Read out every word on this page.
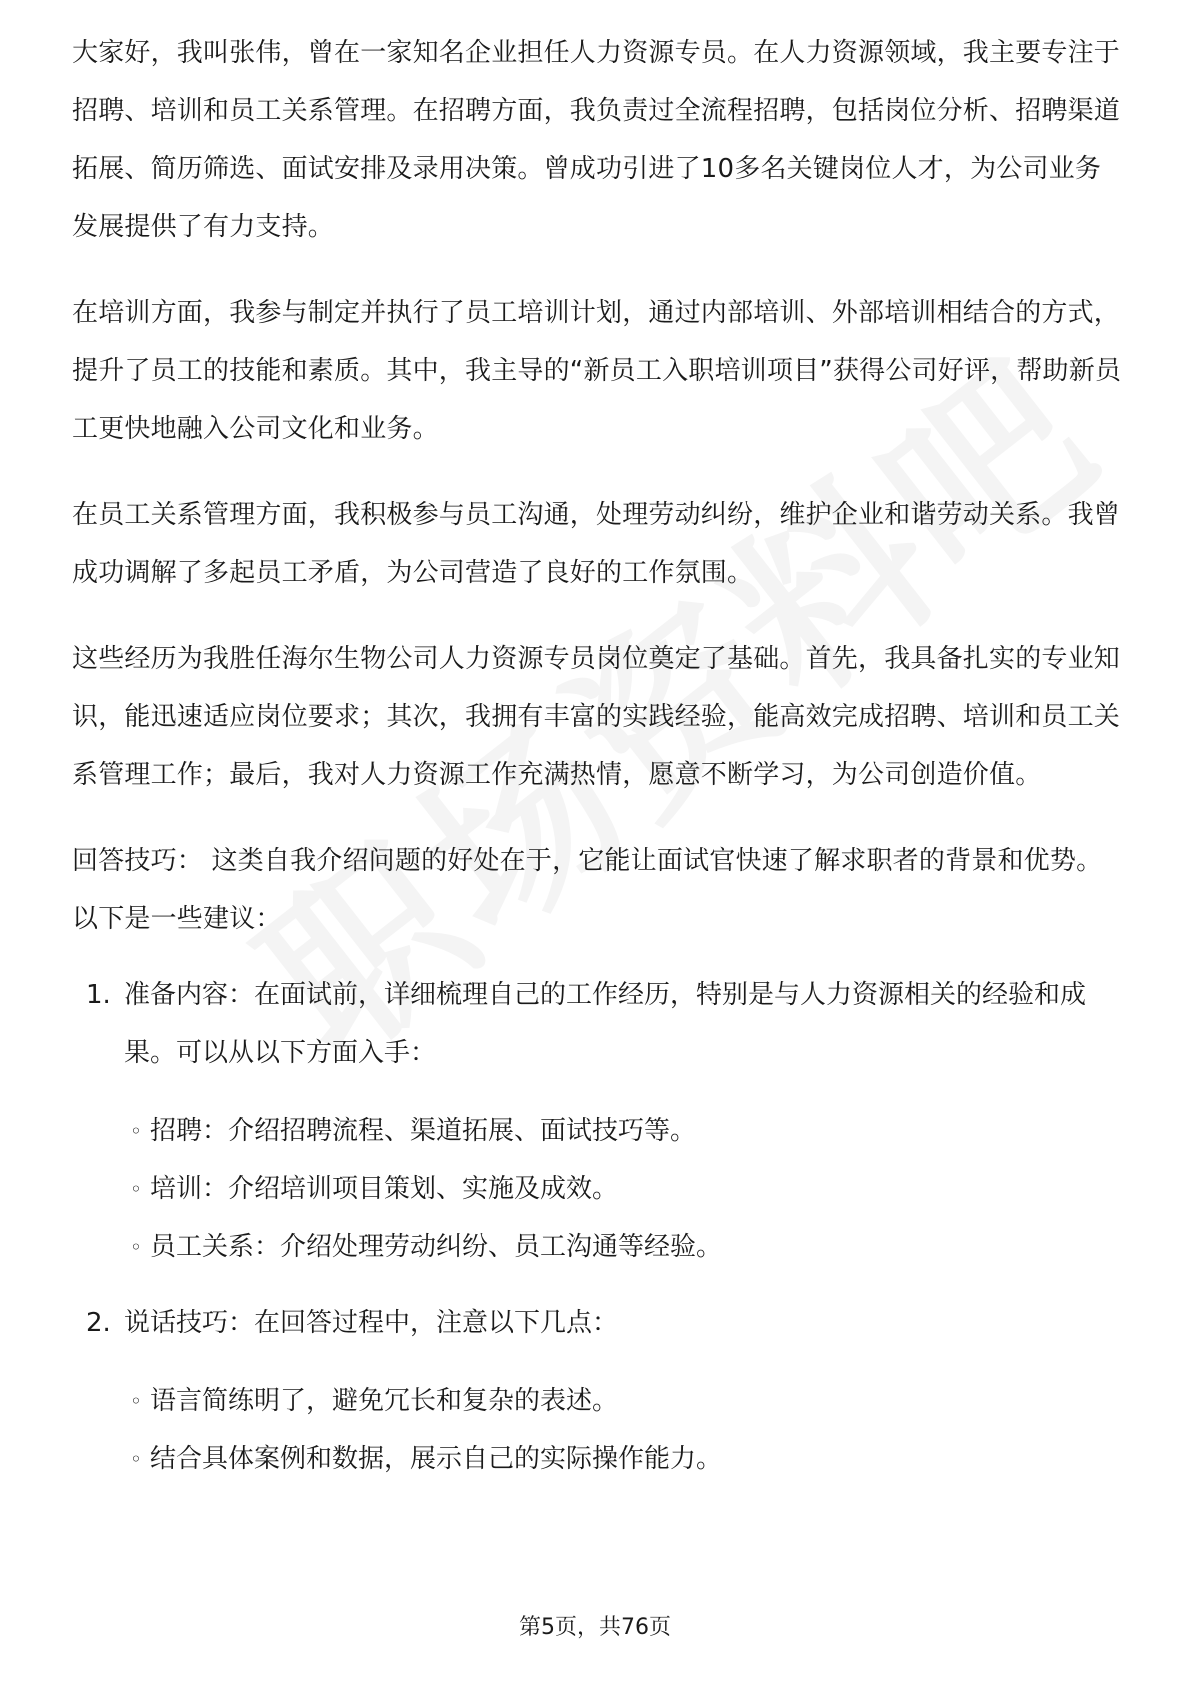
大家好，我叫张伟，曾在一家知名企业担任人力资源专员。在人力资源领域，我主要专注于招聘、培训和员工关系管理。在招聘方面，我负责过全流程招聘，包括岗位分析、招聘渠道拓展、简历筛选、面试安排及录用决策。曾成功引进了10多名关键岗位人才，为公司业务发展提供了有力支持。

在培训方面，我参与制定并执行了员工培训计划，通过内部培训、外部培训相结合的方式，提升了员工的技能和素质。其中，我主导的“新员工入职培训项目”获得公司好评，帮助新员工更快地融入公司文化和业务。

在员工关系管理方面，我积极参与员工沟通，处理劳动纠纷，维护企业和谐劳动关系。我曾成功调解了多起员工矛盾，为公司营造了良好的工作氛围。

这些经历为我胜任海尔生物公司人力资源专员岗位奠定了基础。首先，我具备扎实的专业知识，能迅速适应岗位要求；其次，我拥有丰富的实践经验，能高效完成招聘、培训和员工关系管理工作；最后，我对人力资源工作充满热情，愿意不断学习，为公司创造价值。

回答技巧： 这类自我介绍问题的好处在于，它能让面试官快速了解求职者的背景和优势。以下是一些建议：

1. 准备内容：在面试前，详细梳理自己的工作经历，特别是与人力资源相关的经验和成果。可以从以下方面入手：
◦ 招聘：介绍招聘流程、渠道拓展、面试技巧等。
◦ 培训：介绍培训项目策划、实施及成效。
◦ 员工关系：介绍处理劳动纠纷、员工沟通等经验。
2. 说话技巧：在回答过程中，注意以下几点：
◦ 语言简练明了，避免冗长和复杂的表述。
◦ 结合具体案例和数据，展示自己的实际操作能力。
第5页，共76页
